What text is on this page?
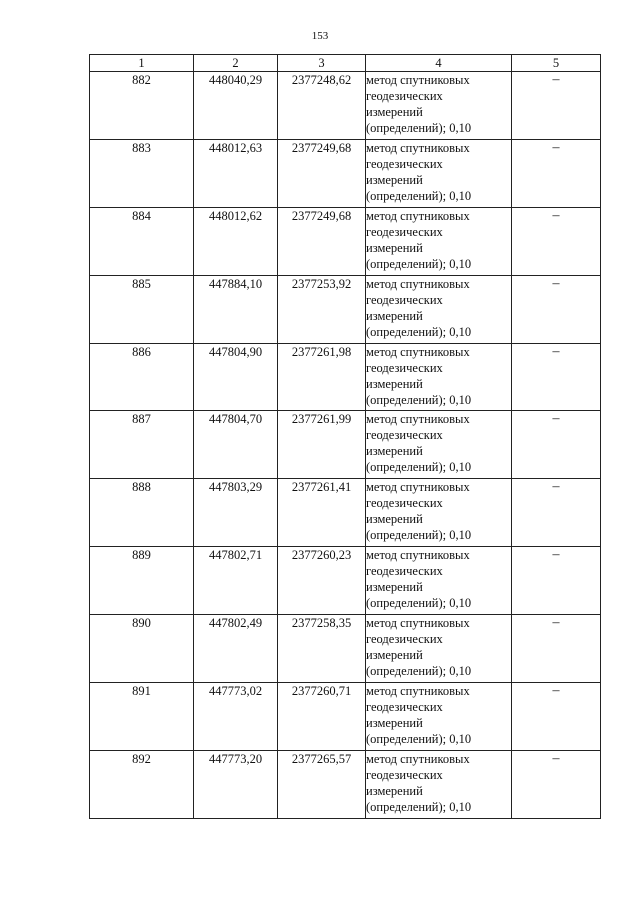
153
1	2	3	4	5
882	448040,29	2377248,62	метод спутниковых
геодезических
измерений
(определений); 0,10	–
883	448012,63	2377249,68	метод спутниковых
геодезических
измерений
(определений); 0,10	–
884	448012,62	2377249,68	метод спутниковых
геодезических
измерений
(определений); 0,10	–
885	447884,10	2377253,92	метод спутниковых
геодезических
измерений
(определений); 0,10	–
886	447804,90	2377261,98	метод спутниковых
геодезических
измерений
(определений); 0,10	–
887	447804,70	2377261,99	метод спутниковых
геодезических
измерений
(определений); 0,10	–
888	447803,29	2377261,41	метод спутниковых
геодезических
измерений
(определений); 0,10	–
889	447802,71	2377260,23	метод спутниковых
геодезических
измерений
(определений); 0,10	–
890	447802,49	2377258,35	метод спутниковых
геодезических
измерений
(определений); 0,10	–
891	447773,02	2377260,71	метод спутниковых
геодезических
измерений
(определений); 0,10	–
892	447773,20	2377265,57	метод спутниковых
геодезических
измерений
(определений); 0,10	–
